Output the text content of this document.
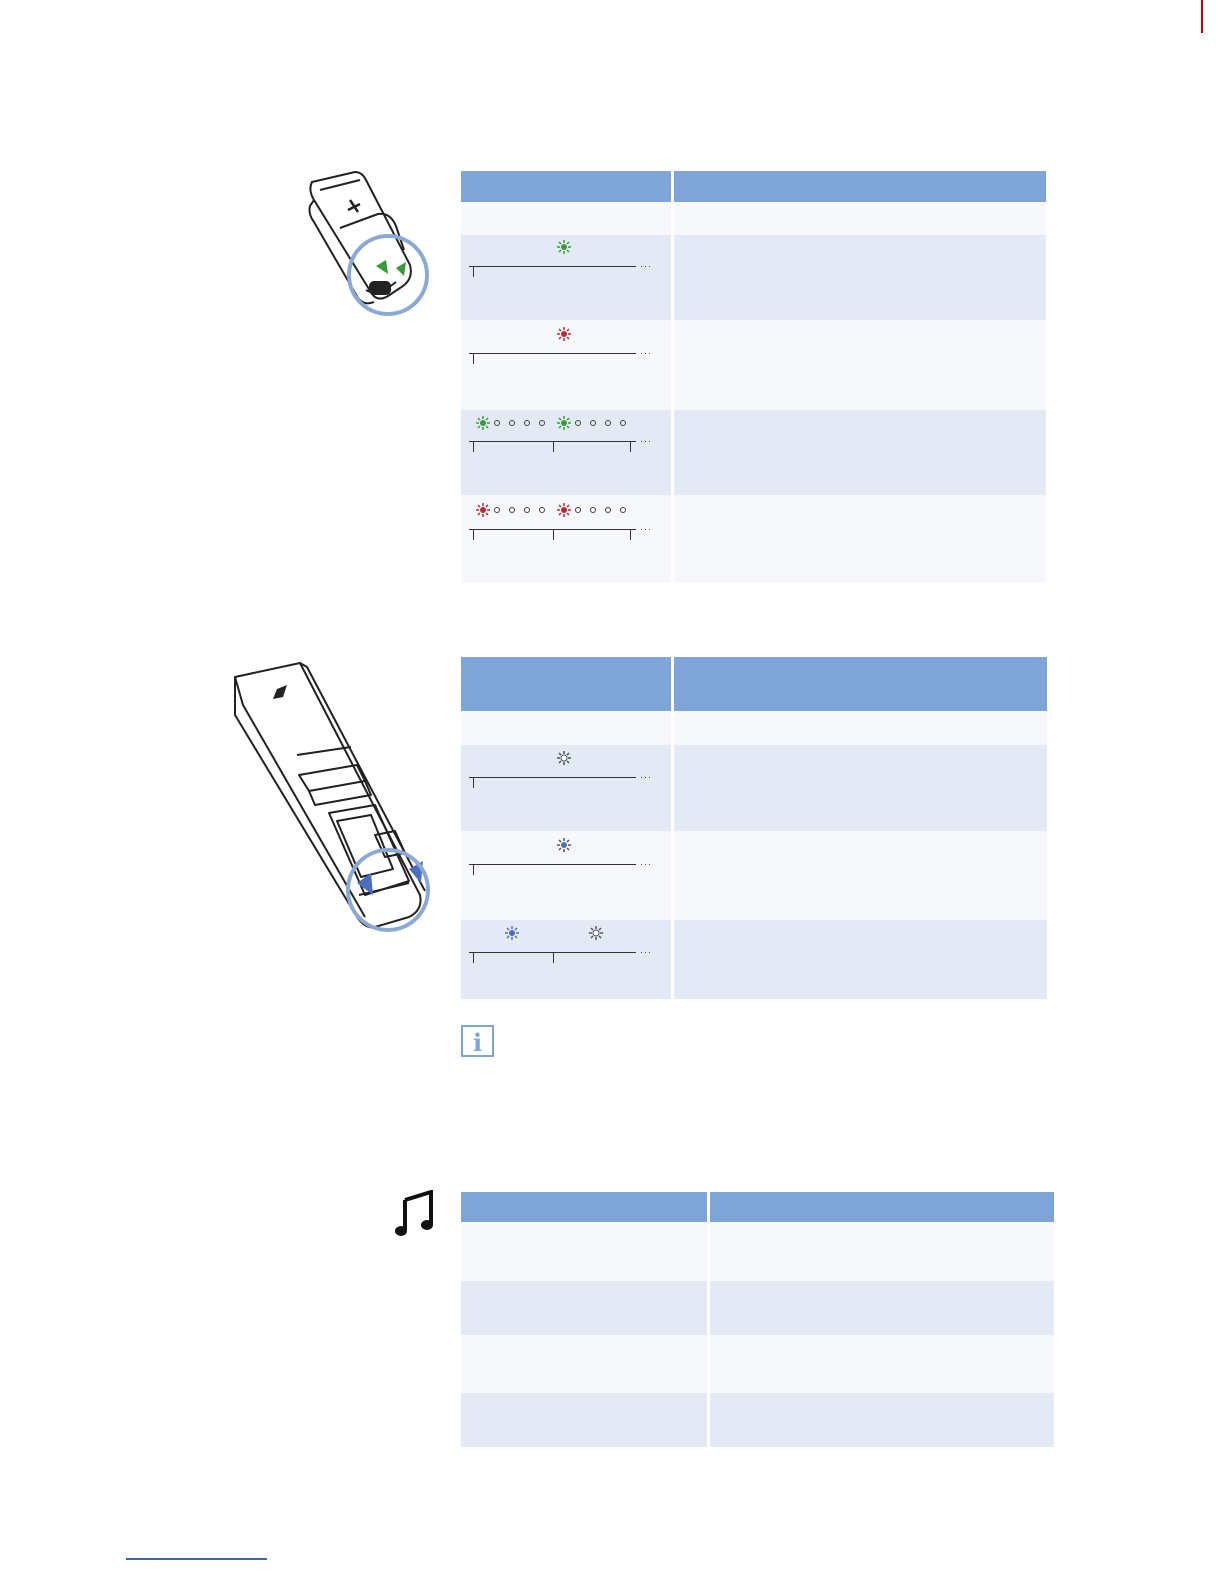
···
···
···
···
···
···
···
i
